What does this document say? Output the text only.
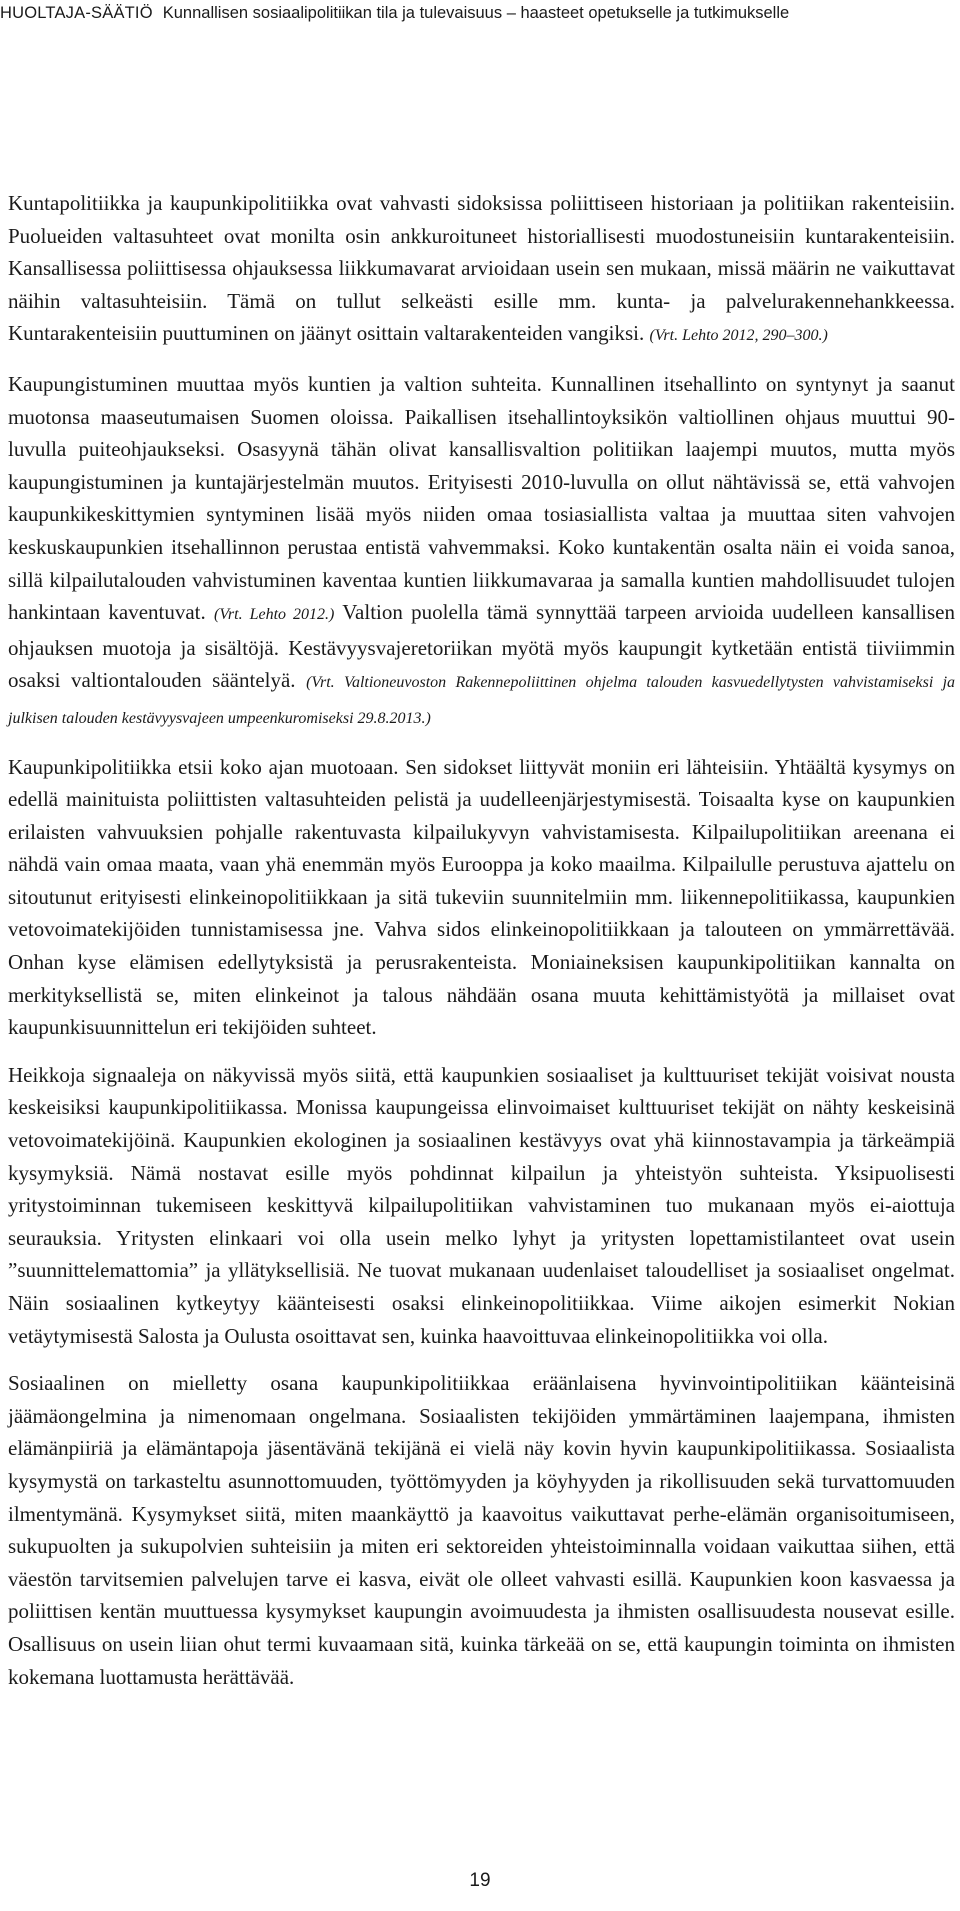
HUOLTAJA-SÄÄTIÖ Kunnallisen sosiaalipolitiikan tila ja tulevaisuus – haasteet opetukselle ja tutkimukselle

Kuntapolitiikka ja kaupunkipolitiikka ovat vahvasti sidoksissa poliittiseen historiaan ja politiikan rakenteisiin. Puolueiden valtasuhteet ovat monilta osin ankkuroituneet historiallisesti muodostuneisiin kuntarakenteisiin. Kansallisessa poliittisessa ohjauksessa liikkumavarat arvioidaan usein sen mukaan, missä määrin ne vaikuttavat näihin valtasuhteisiin. Tämä on tullut selkeästi esille mm. kunta- ja palvelurakennehankkeessa. Kuntarakenteisiin puuttuminen on jäänyt osittain valtarakenteiden vangiksi. (Vrt. Lehto 2012, 290–300.)

Kaupungistuminen muuttaa myös kuntien ja valtion suhteita. Kunnallinen itsehallinto on syntynyt ja saanut muotonsa maaseutumaisen Suomen oloissa. Paikallisen itsehallintoyksikön valtiollinen ohjaus muuttui 90-luvulla puiteohjaukseksi. Osasyynä tähän olivat kansallisvaltion politiikan laajempi muutos, mutta myös kaupungistuminen ja kuntajärjestelmän muutos. Erityisesti 2010-luvulla on ollut nähtävissä se, että vahvojen kaupunkikeskittymien syntyminen lisää myös niiden omaa tosiasiallista valtaa ja muuttaa siten vahvojen keskuskaupunkien itsehallinnon perustaa entistä vahvemmaksi. Koko kuntakentän osalta näin ei voida sanoa, sillä kilpailutalouden vahvistuminen kaventaa kuntien liikkumavaraa ja samalla kuntien mahdollisuudet tulojen hankintaan kaventuvat. (Vrt. Lehto 2012.) Valtion puolella tämä synnyttää tarpeen arvioida uudelleen kansallisen ohjauksen muotoja ja sisältöjä. Kestävyysvajeretoriikan myötä myös kaupungit kytketään entistä tiiviimmin osaksi valtiontalouden sääntelyä. (Vrt. Valtioneuvoston Rakennepoliittinen ohjelma talouden kasvuedellytysten vahvistamiseksi ja julkisen talouden kestävyysvajeen umpeenkuromiseksi 29.8.2013.)

Kaupunkipolitiikka etsii koko ajan muotoaan. Sen sidokset liittyvät moniin eri lähteisiin. Yhtäältä kysymys on edellä mainituista poliittisten valtasuhteiden pelistä ja uudelleenjärjestymisestä. Toisaalta kyse on kaupunkien erilaisten vahvuuksien pohjalle rakentuvasta kilpailukyvyn vahvistamisesta. Kilpailupolitiikan areenana ei nähdä vain omaa maata, vaan yhä enemmän myös Eurooppa ja koko maailma. Kilpailulle perustuva ajattelu on sitoutunut erityisesti elinkeinopolitiikkaan ja sitä tukeviin suunnitelmiin mm. liikennepolitiikassa, kaupunkien vetovoimatekijöiden tunnistamisessa jne. Vahva sidos elinkeinopolitiikkaan ja talouteen on ymmärrettävää. Onhan kyse elämisen edellytyksistä ja perusrakenteista. Moniaineksisen kaupunkipolitiikan kannalta on merkityksellistä se, miten elinkeinot ja talous nähdään osana muuta kehittämistyötä ja millaiset ovat kaupunkisuunnittelun eri tekijöiden suhteet.

Heikkoja signaaleja on näkyvissä myös siitä, että kaupunkien sosiaaliset ja kulttuuriset tekijät voisivat nousta keskeisiksi kaupunkipolitiikassa. Monissa kaupungeissa elinvoimaiset kulttuuriset tekijät on nähty keskeisinä vetovoimatekijöinä. Kaupunkien ekologinen ja sosiaalinen kestävyys ovat yhä kiinnostavampia ja tärkeämpiä kysymyksiä. Nämä nostavat esille myös pohdinnat kilpailun ja yhteistyön suhteista. Yksipuolisesti yritystoiminnan tukemiseen keskittyvä kilpailupolitiikan vahvistaminen tuo mukanaan myös ei-aiottuja seurauksia. Yritysten elinkaari voi olla usein melko lyhyt ja yritysten lopettamistilanteet ovat usein ”suunnittelemattomia” ja yllätyksellisiä. Ne tuovat mukanaan uudenlaiset taloudelliset ja sosiaaliset ongelmat. Näin sosiaalinen kytkeytyy käänteisesti osaksi elinkeinopolitiikkaa. Viime aikojen esimerkit Nokian vetäytymisestä Salosta ja Oulusta osoittavat sen, kuinka haavoittuvaa elinkeinopolitiikka voi olla.

Sosiaalinen on mielletty osana kaupunkipolitiikkaa eräänlaisena hyvinvointipolitiikan käänteisinä jäämäongelmina ja nimenomaan ongelmana. Sosiaalisten tekijöiden ymmärtäminen laajempana, ihmisten elämänpiiriä ja elämäntapoja jäsentävänä tekijänä ei vielä näy kovin hyvin kaupunkipolitiikassa. Sosiaalista kysymystä on tarkasteltu asunnottomuuden, työttömyyden ja köyhyyden ja rikollisuuden sekä turvattomuuden ilmentymänä. Kysymykset siitä, miten maankäyttö ja kaavoitus vaikuttavat perhe-elämän organisoitumiseen, sukupuolten ja sukupolvien suhteisiin ja miten eri sektoreiden yhteistoiminnalla voidaan vaikuttaa siihen, että väestön tarvitsemien palvelujen tarve ei kasva, eivät ole olleet vahvasti esillä. Kaupunkien koon kasvaessa ja poliittisen kentän muuttuessa kysymykset kaupungin avoimuudesta ja ihmisten osallisuudesta nousevat esille. Osallisuus on usein liian ohut termi kuvaamaan sitä, kuinka tärkeää on se, että kaupungin toiminta on ihmisten kokemana luottamusta herättävää.

19
